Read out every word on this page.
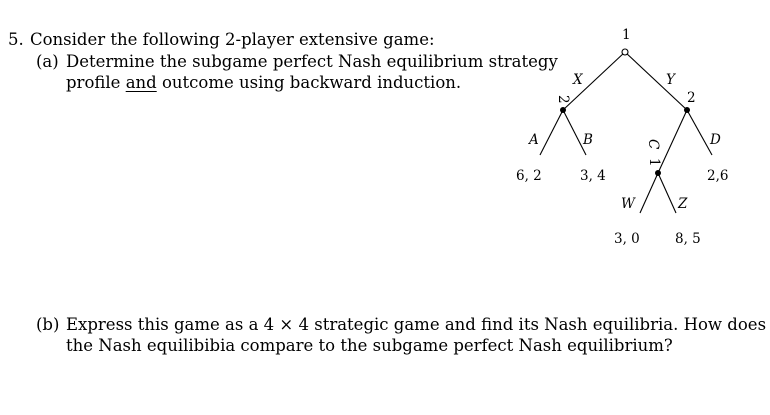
5. Consider the following 2-player extensive game:
(a) Determine the subgame perfect Nash equilibrium strategy
profile and outcome using backward induction.
(b) Express this game as a 4 × 4 strategic game and find its Nash equilibria. How does
the Nash equilibibia compare to the subgame perfect Nash equilibrium?
1
2	2
1
X	Y
A	B	C	D
W	Z
6, 2	3, 4	2,6
3, 0	8, 5
